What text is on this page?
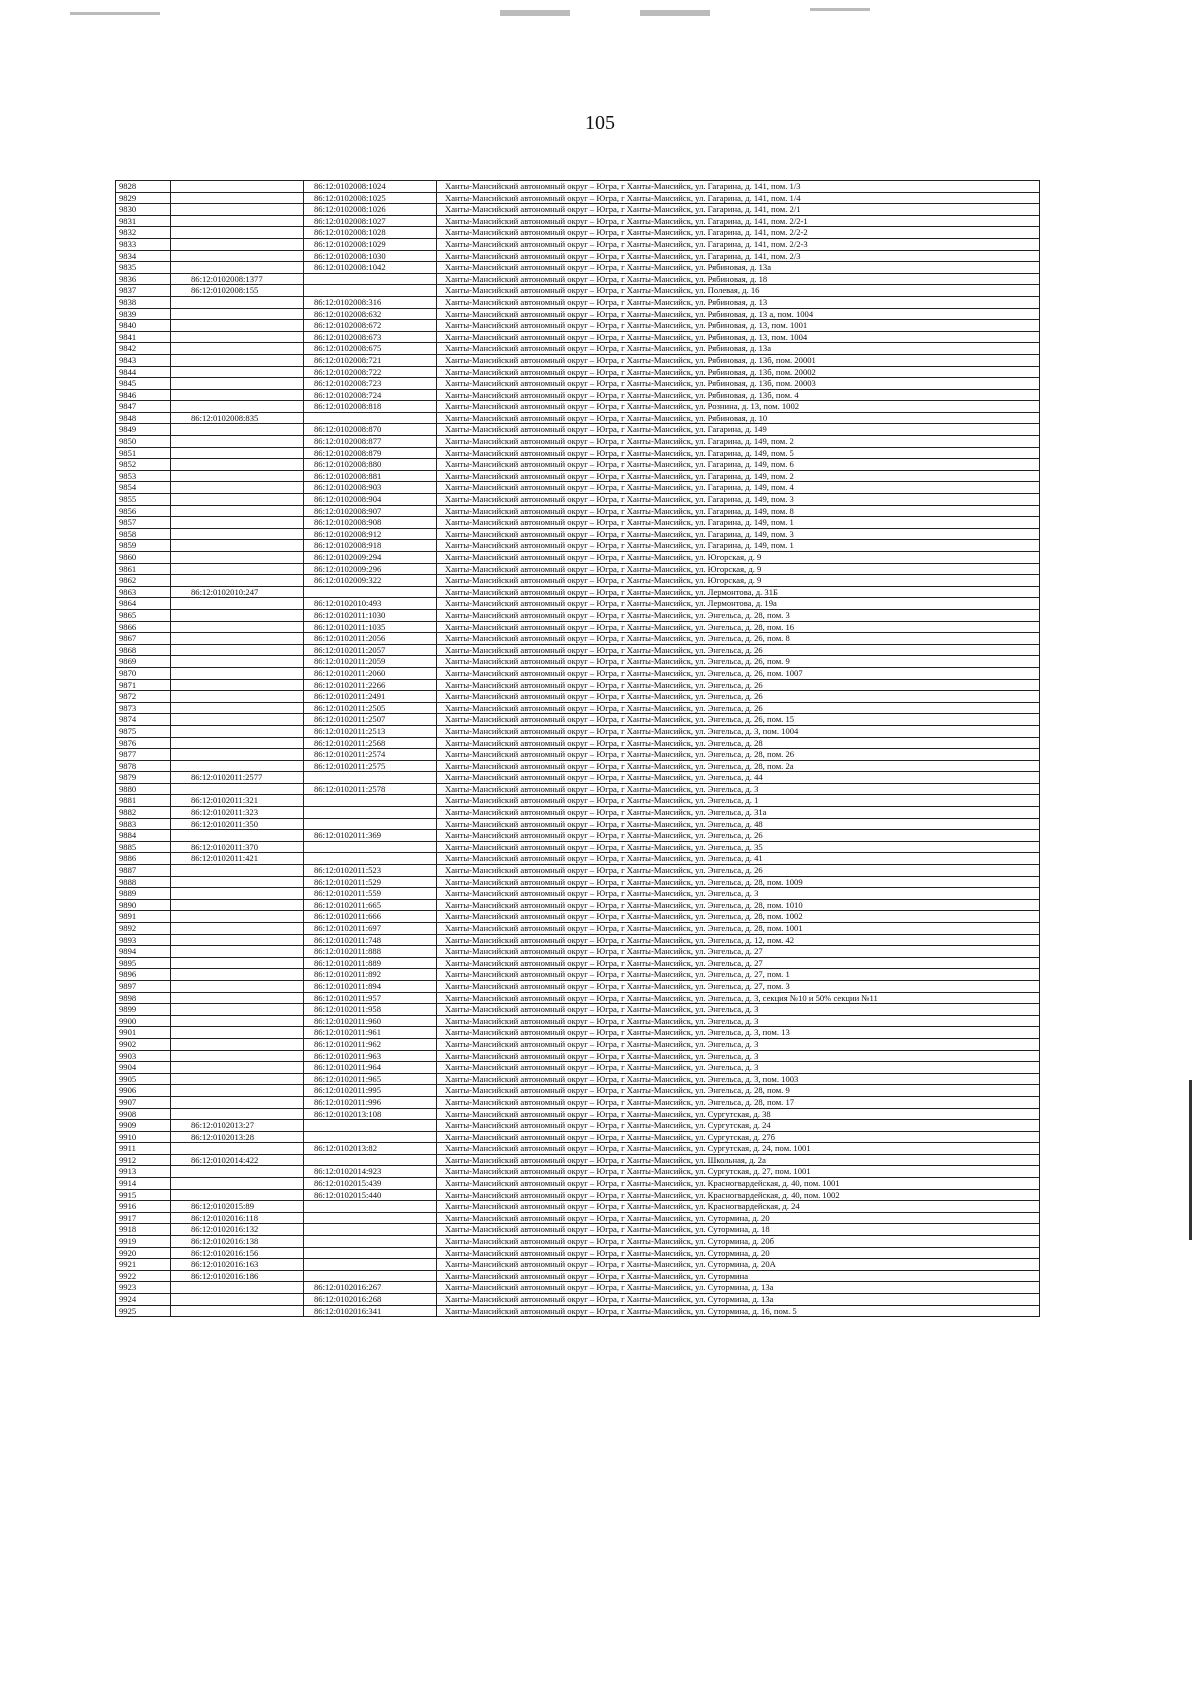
105
9828		86:12:0102008:1024	Ханты-Мансийский автономный округ – Югра, г Ханты-Мансийск, ул. Гагарина, д. 141, пом. 1/3
9829		86:12:0102008:1025	Ханты-Мансийский автономный округ – Югра, г Ханты-Мансийск, ул. Гагарина, д. 141, пом. 1/4
9830		86:12:0102008:1026	Ханты-Мансийский автономный округ – Югра, г Ханты-Мансийск, ул. Гагарина, д. 141, пом. 2/1
9831		86:12:0102008:1027	Ханты-Мансийский автономный округ – Югра, г Ханты-Мансийск, ул. Гагарина, д. 141, пом. 2/2-1
9832		86:12:0102008:1028	Ханты-Мансийский автономный округ – Югра, г Ханты-Мансийск, ул. Гагарина, д. 141, пом. 2/2-2
9833		86:12:0102008:1029	Ханты-Мансийский автономный округ – Югра, г Ханты-Мансийск, ул. Гагарина, д. 141, пом. 2/2-3
9834		86:12:0102008:1030	Ханты-Мансийский автономный округ – Югра, г Ханты-Мансийск, ул. Гагарина, д. 141, пом. 2/3
9835		86:12:0102008:1042	Ханты-Мансийский автономный округ – Югра, г Ханты-Мансийск, ул. Рябиновая, д. 13а
9836	86:12:0102008:1377		Ханты-Мансийский автономный округ – Югра, г Ханты-Мансийск, ул. Рябиновая, д. 18
9837	86:12:0102008:155		Ханты-Мансийский автономный округ – Югра, г Ханты-Мансийск, ул. Полевая, д. 16
9838		86:12:0102008:316	Ханты-Мансийский автономный округ – Югра, г Ханты-Мансийск, ул. Рябиновая, д. 13
9839		86:12:0102008:632	Ханты-Мансийский автономный округ – Югра, г Ханты-Мансийск, ул. Рябиновая, д. 13 а, пом. 1004
9840		86:12:0102008:672	Ханты-Мансийский автономный округ – Югра, г Ханты-Мансийск, ул. Рябиновая, д. 13, пом. 1001
9841		86:12:0102008:673	Ханты-Мансийский автономный округ – Югра, г Ханты-Мансийск, ул. Рябиновая, д. 13, пом. 1004
9842		86:12:0102008:675	Ханты-Мансийский автономный округ – Югра, г Ханты-Мансийск, ул. Рябиновая, д. 13а
9843		86:12:0102008:721	Ханты-Мансийский автономный округ – Югра, г Ханты-Мансийск, ул. Рябиновая, д. 13б, пом. 20001
9844		86:12:0102008:722	Ханты-Мансийский автономный округ – Югра, г Ханты-Мансийск, ул. Рябиновая, д. 13б, пом. 20002
9845		86:12:0102008:723	Ханты-Мансийский автономный округ – Югра, г Ханты-Мансийск, ул. Рябиновая, д. 13б, пом. 20003
9846		86:12:0102008:724	Ханты-Мансийский автономный округ – Югра, г Ханты-Мансийск, ул. Рябиновая, д. 13б, пом. 4
9847		86:12:0102008:818	Ханты-Мансийский автономный округ – Югра, г Ханты-Мансийск, ул. Рознина, д. 13, пом. 1002
9848	86:12:0102008:835		Ханты-Мансийский автономный округ – Югра, г Ханты-Мансийск, ул. Рябиновая, д. 10
9849		86:12:0102008:870	Ханты-Мансийский автономный округ – Югра, г Ханты-Мансийск, ул. Гагарина, д. 149
9850		86:12:0102008:877	Ханты-Мансийский автономный округ – Югра, г Ханты-Мансийск, ул. Гагарина, д. 149, пом. 2
9851		86:12:0102008:879	Ханты-Мансийский автономный округ – Югра, г Ханты-Мансийск, ул. Гагарина, д. 149, пом. 5
9852		86:12:0102008:880	Ханты-Мансийский автономный округ – Югра, г Ханты-Мансийск, ул. Гагарина, д. 149, пом. 6
9853		86:12:0102008:881	Ханты-Мансийский автономный округ – Югра, г Ханты-Мансийск, ул. Гагарина, д. 149, пом. 2
9854		86:12:0102008:903	Ханты-Мансийский автономный округ – Югра, г Ханты-Мансийск, ул. Гагарина, д. 149, пом. 4
9855		86:12:0102008:904	Ханты-Мансийский автономный округ – Югра, г Ханты-Мансийск, ул. Гагарина, д. 149, пом. 3
9856		86:12:0102008:907	Ханты-Мансийский автономный округ – Югра, г Ханты-Мансийск, ул. Гагарина, д. 149, пом. 8
9857		86:12:0102008:908	Ханты-Мансийский автономный округ – Югра, г Ханты-Мансийск, ул. Гагарина, д. 149, пом. 1
9858		86:12:0102008:912	Ханты-Мансийский автономный округ – Югра, г Ханты-Мансийск, ул. Гагарина, д. 149, пом. 3
9859		86:12:0102008:918	Ханты-Мансийский автономный округ – Югра, г Ханты-Мансийск, ул. Гагарина, д. 149, пом. 1
9860		86:12:0102009:294	Ханты-Мансийский автономный округ – Югра, г Ханты-Мансийск, ул. Югорская, д. 9
9861		86:12:0102009:296	Ханты-Мансийский автономный округ – Югра, г Ханты-Мансийск, ул. Югорская, д. 9
9862		86:12:0102009:322	Ханты-Мансийский автономный округ – Югра, г Ханты-Мансийск, ул. Югорская, д. 9
9863	86:12:0102010:247		Ханты-Мансийский автономный округ – Югра, г Ханты-Мансийск, ул. Лермонтова, д. 31Б
9864		86:12:0102010:493	Ханты-Мансийский автономный округ – Югра, г Ханты-Мансийск, ул. Лермонтова, д. 19а
9865		86:12:0102011:1030	Ханты-Мансийский автономный округ – Югра, г Ханты-Мансийск, ул. Энгельса, д. 28, пом. 3
9866		86:12:0102011:1035	Ханты-Мансийский автономный округ – Югра, г Ханты-Мансийск, ул. Энгельса, д. 28, пом. 16
9867		86:12:0102011:2056	Ханты-Мансийский автономный округ – Югра, г Ханты-Мансийск, ул. Энгельса, д. 26, пом. 8
9868		86:12:0102011:2057	Ханты-Мансийский автономный округ – Югра, г Ханты-Мансийск, ул. Энгельса, д. 26
9869		86:12:0102011:2059	Ханты-Мансийский автономный округ – Югра, г Ханты-Мансийск, ул. Энгельса, д. 26, пом. 9
9870		86:12:0102011:2060	Ханты-Мансийский автономный округ – Югра, г Ханты-Мансийск, ул. Энгельса, д. 26, пом. 1007
9871		86:12:0102011:2266	Ханты-Мансийский автономный округ – Югра, г Ханты-Мансийск, ул. Энгельса, д. 26
9872		86:12:0102011:2491	Ханты-Мансийский автономный округ – Югра, г Ханты-Мансийск, ул. Энгельса, д. 26
9873		86:12:0102011:2505	Ханты-Мансийский автономный округ – Югра, г Ханты-Мансийск, ул. Энгельса, д. 26
9874		86:12:0102011:2507	Ханты-Мансийский автономный округ – Югра, г Ханты-Мансийск, ул. Энгельса, д. 26, пом. 15
9875		86:12:0102011:2513	Ханты-Мансийский автономный округ – Югра, г Ханты-Мансийск, ул. Энгельса, д. 3, пом. 1004
9876		86:12:0102011:2568	Ханты-Мансийский автономный округ – Югра, г Ханты-Мансийск, ул. Энгельса, д. 28
9877		86:12:0102011:2574	Ханты-Мансийский автономный округ – Югра, г Ханты-Мансийск, ул. Энгельса, д. 28, пом. 26
9878		86:12:0102011:2575	Ханты-Мансийский автономный округ – Югра, г Ханты-Мансийск, ул. Энгельса, д. 28, пом. 2а
9879	86:12:0102011:2577		Ханты-Мансийский автономный округ – Югра, г Ханты-Мансийск, ул. Энгельса, д. 44
9880		86:12:0102011:2578	Ханты-Мансийский автономный округ – Югра, г Ханты-Мансийск, ул. Энгельса, д. 3
9881	86:12:0102011:321		Ханты-Мансийский автономный округ – Югра, г Ханты-Мансийск, ул. Энгельса, д. 1
9882	86:12:0102011:323		Ханты-Мансийский автономный округ – Югра, г Ханты-Мансийск, ул. Энгельса, д. 31а
9883	86:12:0102011:350		Ханты-Мансийский автономный округ – Югра, г Ханты-Мансийск, ул. Энгельса, д. 48
9884		86:12:0102011:369	Ханты-Мансийский автономный округ – Югра, г Ханты-Мансийск, ул. Энгельса, д. 26
9885	86:12:0102011:370		Ханты-Мансийский автономный округ – Югра, г Ханты-Мансийск, ул. Энгельса, д. 35
9886	86:12:0102011:421		Ханты-Мансийский автономный округ – Югра, г Ханты-Мансийск, ул. Энгельса, д. 41
9887		86:12:0102011:523	Ханты-Мансийский автономный округ – Югра, г Ханты-Мансийск, ул. Энгельса, д. 26
9888		86:12:0102011:529	Ханты-Мансийский автономный округ – Югра, г Ханты-Мансийск, ул. Энгельса, д. 28, пом. 1009
9889		86:12:0102011:559	Ханты-Мансийский автономный округ – Югра, г Ханты-Мансийск, ул. Энгельса, д. 3
9890		86:12:0102011:665	Ханты-Мансийский автономный округ – Югра, г Ханты-Мансийск, ул. Энгельса, д. 28, пом. 1010
9891		86:12:0102011:666	Ханты-Мансийский автономный округ – Югра, г Ханты-Мансийск, ул. Энгельса, д. 28, пом. 1002
9892		86:12:0102011:697	Ханты-Мансийский автономный округ – Югра, г Ханты-Мансийск, ул. Энгельса, д. 28, пом. 1001
9893		86:12:0102011:748	Ханты-Мансийский автономный округ – Югра, г Ханты-Мансийск, ул. Энгельса, д. 12, пом. 42
9894		86:12:0102011:888	Ханты-Мансийский автономный округ – Югра, г Ханты-Мансийск, ул. Энгельса, д. 27
9895		86:12:0102011:889	Ханты-Мансийский автономный округ – Югра, г Ханты-Мансийск, ул. Энгельса, д. 27
9896		86:12:0102011:892	Ханты-Мансийский автономный округ – Югра, г Ханты-Мансийск, ул. Энгельса, д. 27, пом. 1
9897		86:12:0102011:894	Ханты-Мансийский автономный округ – Югра, г Ханты-Мансийск, ул. Энгельса, д. 27, пом. 3
9898		86:12:0102011:957	Ханты-Мансийский автономный округ – Югра, г Ханты-Мансийск, ул. Энгельса, д. 3, секция №10 и 50% секции №11
9899		86:12:0102011:958	Ханты-Мансийский автономный округ – Югра, г Ханты-Мансийск, ул. Энгельса, д. 3
9900		86:12:0102011:960	Ханты-Мансийский автономный округ – Югра, г Ханты-Мансийск, ул. Энгельса, д. 3
9901		86:12:0102011:961	Ханты-Мансийский автономный округ – Югра, г Ханты-Мансийск, ул. Энгельса, д. 3, пом. 13
9902		86:12:0102011:962	Ханты-Мансийский автономный округ – Югра, г Ханты-Мансийск, ул. Энгельса, д. 3
9903		86:12:0102011:963	Ханты-Мансийский автономный округ – Югра, г Ханты-Мансийск, ул. Энгельса, д. 3
9904		86:12:0102011:964	Ханты-Мансийский автономный округ – Югра, г Ханты-Мансийск, ул. Энгельса, д. 3
9905		86:12:0102011:965	Ханты-Мансийский автономный округ – Югра, г Ханты-Мансийск, ул. Энгельса, д. 3, пом. 1003
9906		86:12:0102011:995	Ханты-Мансийский автономный округ – Югра, г Ханты-Мансийск, ул. Энгельса, д. 28, пом. 9
9907		86:12:0102011:996	Ханты-Мансийский автономный округ – Югра, г Ханты-Мансийск, ул. Энгельса, д. 28, пом. 17
9908		86:12:0102013:108	Ханты-Мансийский автономный округ – Югра, г Ханты-Мансийск, ул. Сургутская, д. 38
9909	86:12:0102013:27		Ханты-Мансийский автономный округ – Югра, г Ханты-Мансийск, ул. Сургутская, д. 24
9910	86:12:0102013:28		Ханты-Мансийский автономный округ – Югра, г Ханты-Мансийск, ул. Сургутская, д. 27б
9911		86:12:0102013:82	Ханты-Мансийский автономный округ – Югра, г Ханты-Мансийск, ул. Сургутская, д. 24, пом. 1001
9912	86:12:0102014:422		Ханты-Мансийский автономный округ – Югра, г Ханты-Мансийск, ул. Школьная, д. 2а
9913		86:12:0102014:923	Ханты-Мансийский автономный округ – Югра, г Ханты-Мансийск, ул. Сургутская, д. 27, пом. 1001
9914		86:12:0102015:439	Ханты-Мансийский автономный округ – Югра, г Ханты-Мансийск, ул. Красногвардейская, д. 40, пом. 1001
9915		86:12:0102015:440	Ханты-Мансийский автономный округ – Югра, г Ханты-Мансийск, ул. Красногвардейская, д. 40, пом. 1002
9916	86:12:0102015:89		Ханты-Мансийский автономный округ – Югра, г Ханты-Мансийск, ул. Красногвардейская, д. 24
9917	86:12:0102016:118		Ханты-Мансийский автономный округ – Югра, г Ханты-Мансийск, ул. Сутормина, д. 20
9918	86:12:0102016:132		Ханты-Мансийский автономный округ – Югра, г Ханты-Мансийск, ул. Сутормина, д. 18
9919	86:12:0102016:138		Ханты-Мансийский автономный округ – Югра, г Ханты-Мансийск, ул. Сутормина, д. 20б
9920	86:12:0102016:156		Ханты-Мансийский автономный округ – Югра, г Ханты-Мансийск, ул. Сутормина, д. 20
9921	86:12:0102016:163		Ханты-Мансийский автономный округ – Югра, г Ханты-Мансийск, ул. Сутормина, д. 20А
9922	86:12:0102016:186		Ханты-Мансийский автономный округ – Югра, г Ханты-Мансийск, ул. Сутормина
9923		86:12:0102016:267	Ханты-Мансийский автономный округ – Югра, г Ханты-Мансийск, ул. Сутормина, д. 13а
9924		86:12:0102016:268	Ханты-Мансийский автономный округ – Югра, г Ханты-Мансийск, ул. Сутормина, д. 13а
9925		86:12:0102016:341	Ханты-Мансийский автономный округ – Югра, г Ханты-Мансийск, ул. Сутормина, д. 16, пом. 5
